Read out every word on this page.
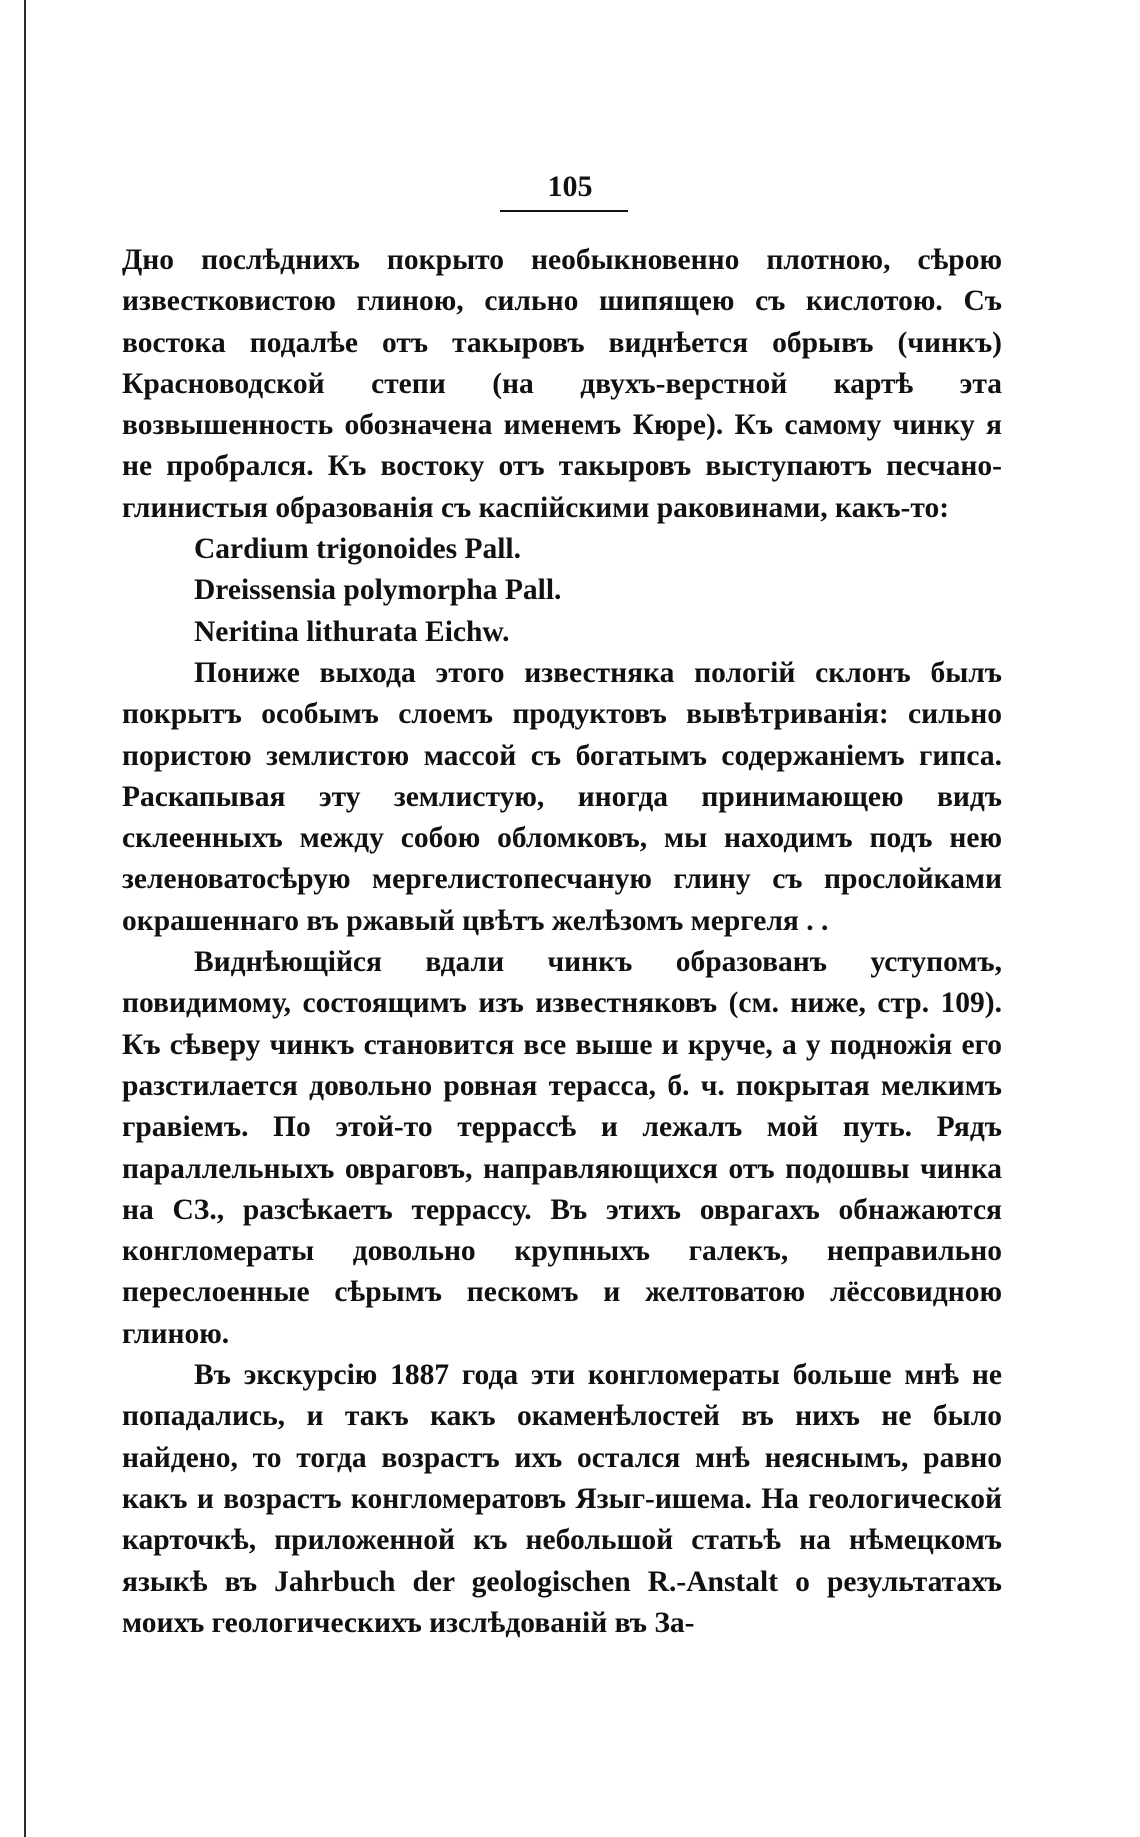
105

Дно послѣднихъ покрыто необыкновенно плотною, сѣрою известковистою глиною, сильно шипящею съ кислотою. Съ востока подалѣе отъ такыровъ виднѣется обрывъ (чинкъ) Красноводской степи (на двухъ-верстной картѣ эта возвышенность обозначена именемъ Кюре). Къ самому чинку я не пробрался. Къ востоку отъ такыровъ выступаютъ песчано-глинистыя образованія съ каспійскими раковинами, какъ-то:

Cardium trigonoides Pall.

Dreissensia polymorpha Pall.

Neritina lithurata Eichw.

Пониже выхода этого известняка пологій склонъ былъ покрытъ особымъ слоемъ продуктовъ вывѣтриванія: сильно пористою землистою массой съ богатымъ содержаніемъ гипса. Раскапывая эту землистую, иногда принимающею видъ склеенныхъ между собою обломковъ, мы находимъ подъ нею зеленоватосѣрую мергелистопесчаную глину съ прослойками окрашеннаго въ ржавый цвѣтъ желѣзомъ мергеля . .

Виднѣющійся вдали чинкъ образованъ уступомъ, повидимому, состоящимъ изъ известняковъ (см. ниже, стр. 109). Къ сѣверу чинкъ становится все выше и круче, а у подножія его разстилается довольно ровная терасса, б. ч. покрытая мелкимъ гравіемъ. По этой-то террассѣ и лежалъ мой путь. Рядъ параллельныхъ овраговъ, направляющихся отъ подошвы чинка на СЗ., разсѣкаетъ террассу. Въ этихъ оврагахъ обнажаются конгломераты довольно крупныхъ галекъ, неправильно переслоенные сѣрымъ пескомъ и желтоватою лёссовидною глиною.

Въ экскурсію 1887 года эти конгломераты больше мнѣ не попадались, и такъ какъ окаменѣлостей въ нихъ не было найдено, то тогда возрастъ ихъ остался мнѣ неяснымъ, равно какъ и возрастъ конгломератовъ Языг-ишема. На геологической карточкѣ, приложенной къ небольшой статьѣ на нѣмецкомъ языкѣ въ Jahrbuch der geologischen R.-Anstalt о результатахъ моихъ геологическихъ изслѣдованій въ За-
